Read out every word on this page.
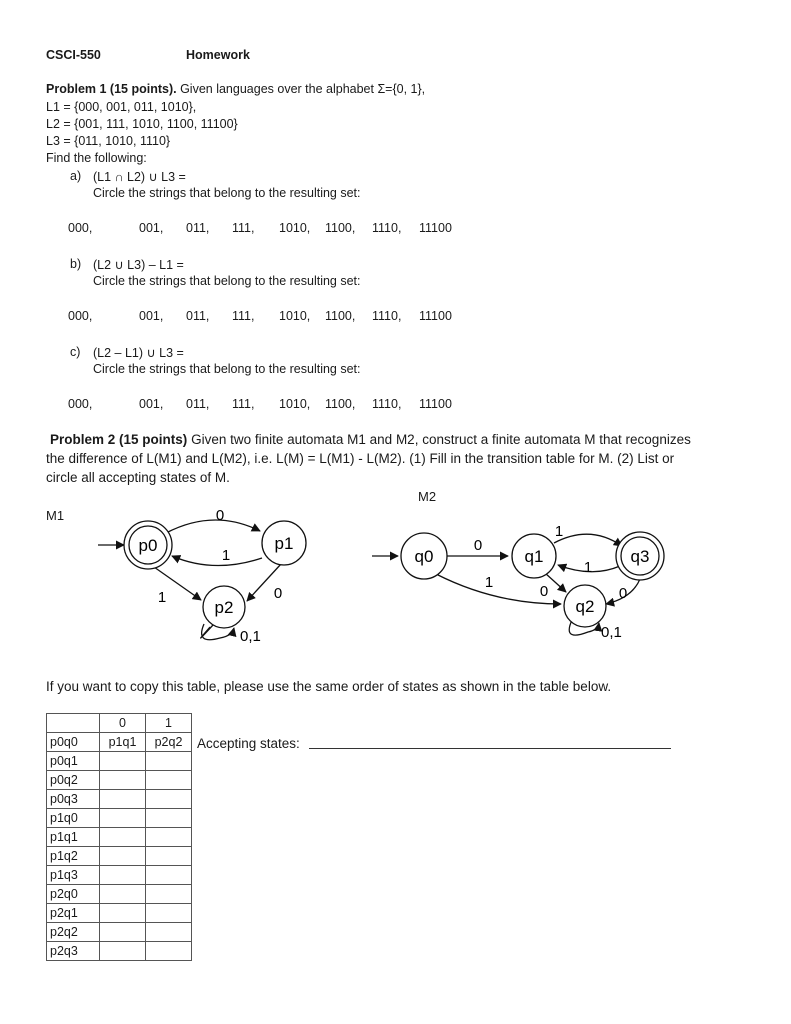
CSCI-550	Homework
Problem 1 (15 points). Given languages over the alphabet Σ={0, 1},
L1 = {000, 001, 011, 1010},
L2 = {001, 111, 1010, 1100, 11100}
L3 = {011, 1010, 1110}
Find the following:
a) (L1 ∩ L2) ∪ L3 =
Circle the strings that belong to the resulting set:
000,	001, 011, 111, 1010, 1100, 1110, 11100
b) (L2 ∪ L3) – L1 =
Circle the strings that belong to the resulting set:
000,	001, 011, 111, 1010, 1100, 1110, 11100
c) (L2 – L1) ∪ L3 =
Circle the strings that belong to the resulting set:
000,	001, 011, 111, 1010, 1100, 1110, 11100
Problem 2 (15 points) Given two finite automata M1 and M2, construct a finite automata M that recognizes
the difference of L(M1) and L(M2), i.e. L(M) = L(M1) - L(M2). (1) Fill in the transition table for M. (2) List or
circle all accepting states of M.
M1
M2
p0	p1
p2
0
1
1	0
0,1
q0	q1
q2
q3
0
1
1
1
0	0
0,1
If you want to copy this table, please use the same order of states as shown in the table below.
	0	1
p0q0	p1q1	p2q2
p0q1		
p0q2		
p0q3		
p1q0		
p1q1		
p1q2		
p1q3		
p2q0		
p2q1		
p2q2		
p2q3		
Accepting states:
